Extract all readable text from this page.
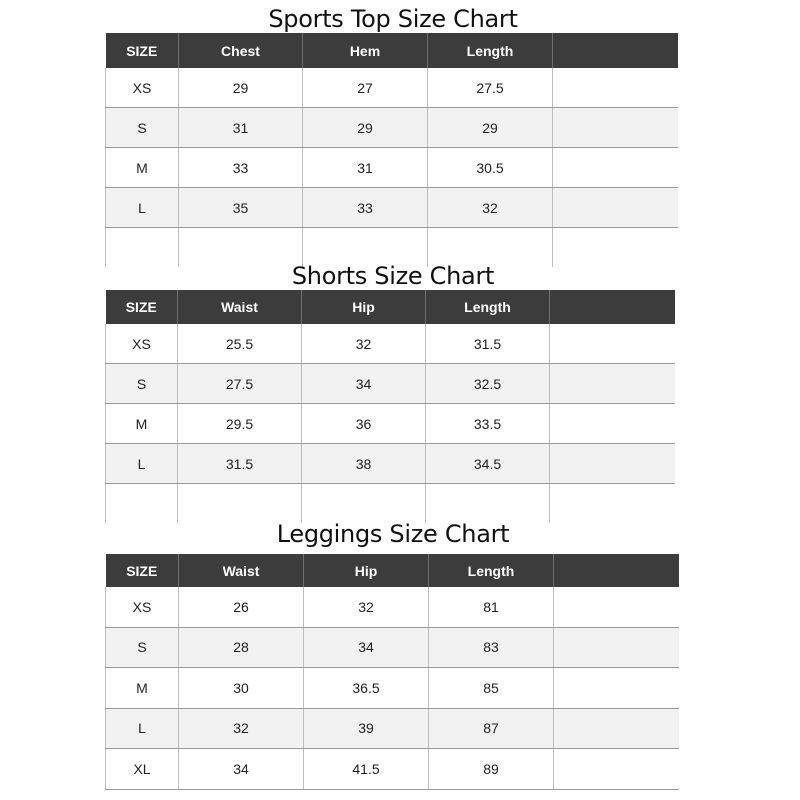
Sports Top Size Chart
SIZE	Chest	Hem	Length	
XS	29	27	27.5	
S	31	29	29	
M	33	31	30.5	
L	35	33	32	

Shorts Size Chart
SIZE	Waist	Hip	Length	
XS	25.5	32	31.5	
S	27.5	34	32.5	
M	29.5	36	33.5	
L	31.5	38	34.5	

Leggings Size Chart
SIZE	Waist	Hip	Length	
XS	26	32	81	
S	28	34	83	
M	30	36.5	85	
L	32	39	87	
XL	34	41.5	89	
